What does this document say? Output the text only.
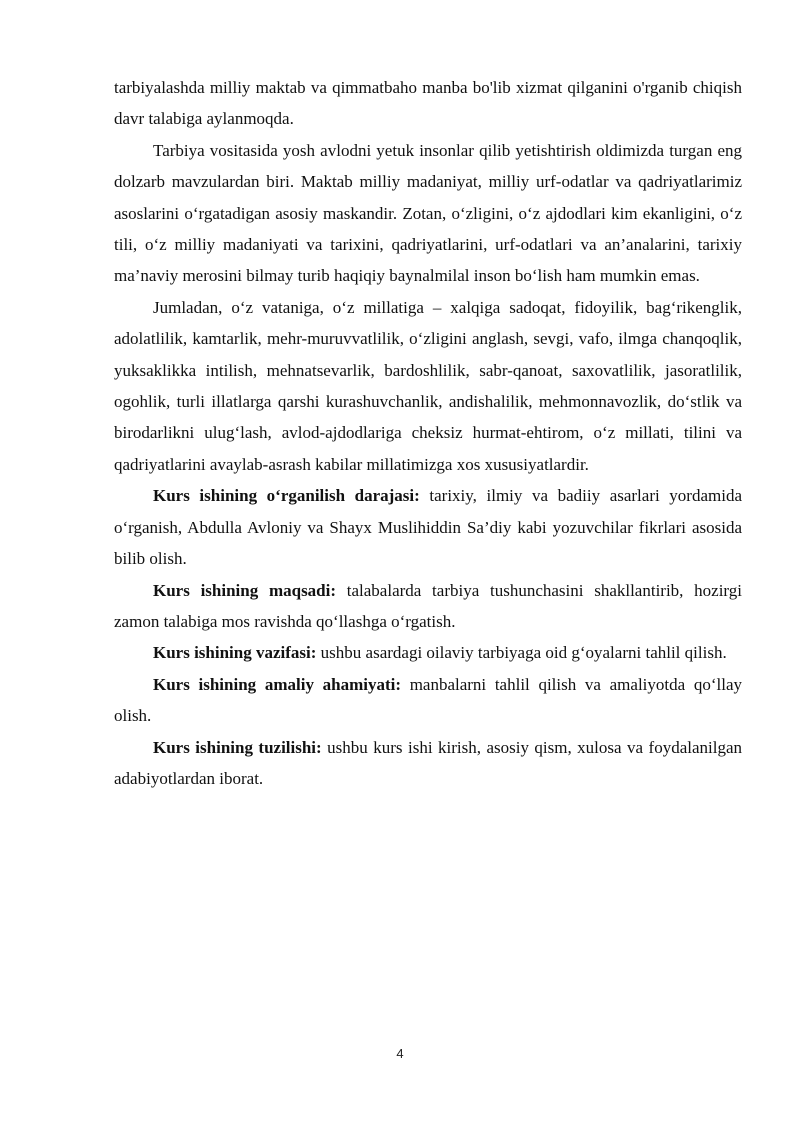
tarbiyalashda milliy maktab va qimmatbaho manba bo'lib xizmat qilganini o'rganib chiqish davr talabiga aylanmoqda.

Tarbiya vositasida yosh avlodni yetuk insonlar qilib yetishtirish oldimizda turgan eng dolzarb mavzulardan biri. Maktab milliy madaniyat, milliy urf-odatlar va qadriyatlarimiz asoslarini o‘rgatadigan asosiy maskandir. Zotan, o‘zligini, o‘z ajdodlari kim ekanligini, o‘z tili, o‘z milliy madaniyati va tarixini, qadriyatlarini, urf-odatlari va an’analarini, tarixiy ma’naviy merosini bilmay turib haqiqiy baynalmilal inson bo‘lish ham mumkin emas.

Jumladan, o‘z vataniga, o‘z millatiga – xalqiga sadoqat, fidoyilik, bag‘rikenglik, adolatlilik, kamtarlik, mehr-muruvvatlilik, o‘zligini anglash, sevgi, vafo, ilmga chanqoqlik, yuksaklikka intilish, mehnatsevarlik, bardoshlilik, sabr-qanoat, saxovatlilik, jasoratlilik, ogohlik, turli illatlarga qarshi kurashuvchanlik, andishalilik, mehmonnavozlik, do‘stlik va birodarlikni ulug‘lash, avlod-ajdodlariga cheksiz hurmat-ehtirom, o‘z millati, tilini va qadriyatlarini avaylab-asrash kabilar millatimizga xos xususiyatlardir.

Kurs ishining o‘rganilish darajasi: tarixiy, ilmiy va badiiy asarlari yordamida o‘rganish, Abdulla Avloniy va Shayx Muslihiddin Sa’diy kabi yozuvchilar fikrlari asosida bilib olish.

Kurs ishining maqsadi: talabalarda tarbiya tushunchasini shakllantirib, hozirgi zamon talabiga mos ravishda qo‘llashga o‘rgatish.

Kurs ishining vazifasi: ushbu asardagi oilaviy tarbiyaga oid g‘oyalarni tahlil qilish.

Kurs ishining amaliy ahamiyati: manbalarni tahlil qilish va amaliyotda qo‘llay olish.

Kurs ishining tuzilishi: ushbu kurs ishi kirish, asosiy qism, xulosa va foydalanilgan adabiyotlardan iborat.

4
